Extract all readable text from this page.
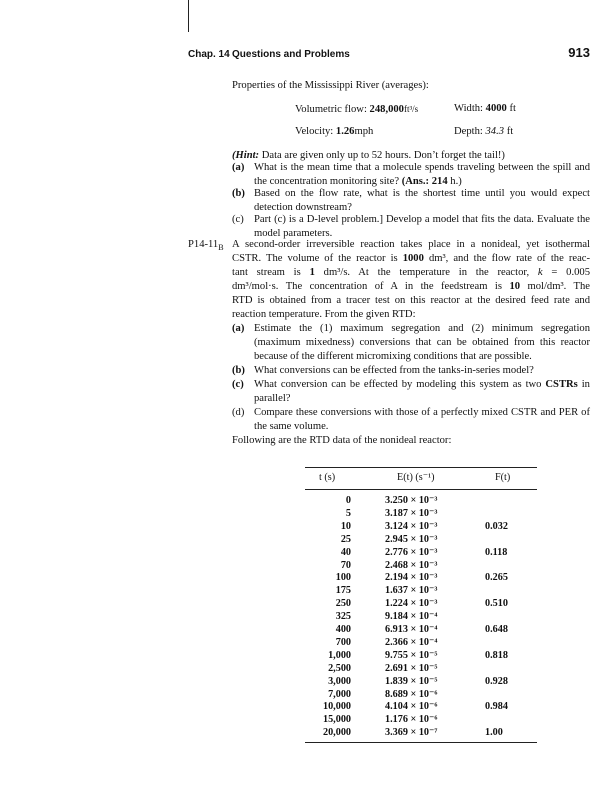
Chap. 14 Questions and Problems	913
Properties of the Mississippi River (averages):
Volumetric flow: 248,000ft³/s	Width: 4000 ft
Velocity: 1.26mph	Depth: 34.3 ft
(Hint: Data are given only up to 52 hours. Don’t forget the tail!)
(a) What is the mean time that a molecule spends traveling between the spill and the concentration monitoring site? (Ans.: 214 h.)
(b) Based on the flow rate, what is the shortest time until you would expect detection downstream?
(c) Part (c) is a D-level problem.] Develop a model that fits the data. Evaluate the model parameters.
$P14-11_B$ A second-order irreversible reaction takes place in a nonideal, yet isothermal
CSTR. The volume of the reactor is 1000 dm³, and the flow rate of the reac-
tant stream is 1 dm³/s. At the temperature in the reactor, k = 0.005
dm³/mol·s. The concentration of A in the feedstream is 10 mol/dm³. The
RTD is obtained from a tracer test on this reactor at the desired feed rate and
reaction temperature. From the given RTD:
(a) Estimate the (1) maximum segregation and (2) minimum segregation (maximum mixedness) conversions that can be obtained from this reactor because of the different micromixing conditions that are possible.
(b) What conversions can be effected from the tanks-in-series model?
(c) What conversion can be effected by modeling this system as two CSTRs in parallel?
(d) Compare these conversions with those of a perfectly mixed CSTR and PER of the same volume.
Following are the RTD data of the nonideal reactor:
t (s)	E(t) (s⁻¹)	F(t)
0	3.250 × 10⁻³
5	3.187 × 10⁻³
10	3.124 × 10⁻³	0.032
25	2.945 × 10⁻³
40	2.776 × 10⁻³	0.118
70	2.468 × 10⁻³
100	2.194 × 10⁻³	0.265
175	1.637 × 10⁻³
250	1.224 × 10⁻³	0.510
325	9.184 × 10⁻⁴
400	6.913 × 10⁻⁴	0.648
700	2.366 × 10⁻⁴
1,000	9.755 × 10⁻⁵	0.818
2,500	2.691 × 10⁻⁵
3,000	1.839 × 10⁻⁵	0.928
7,000	8.689 × 10⁻⁶
10,000	4.104 × 10⁻⁶	0.984
15,000	1.176 × 10⁻⁶
20,000	3.369 × 10⁻⁷	1.00
